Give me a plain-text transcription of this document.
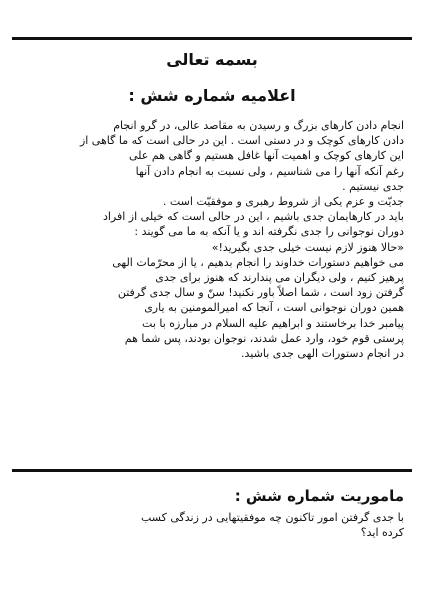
بسمه تعالی
اعلامیه شماره شش :
انجام دادن کارهای بزرگ و رسیدن به مقاصد عالی، در گرو انجام
دادن کارهای کوچک و در دستی است . این در حالی است که ما گاهی از
این کارهای کوچک و اهمیت آنها غافل هستیم و گاهی هم علی
رغم آنکه آنها را می شناسیم ، ولی نسبت به انجام دادن آنها
جدی نیستیم .
جدیّت و عزم یکی از شروط رهبری و موفقیّت است .
باید در کارهایمان جدی باشیم ، این در حالی است که خیلی از افراد
دوران نوجوانی را جدی نگرفته اند و یا آنکه به ما می گویند :
«حالا هنوز لازم نیست خیلی جدی بگیرید!»
می خواهیم دستورات خداوند را انجام بدهیم ، یا از محرّمات الهی
پرهیز کنیم ، ولی دیگران می پندارند که هنوز برای جدی
گرفتن زود است ، شما اصلاً باور نکنید! سنّ و سال جدی گرفتن
همین دوران نوجوانی است ، آنجا که امیرالمومنین به یاری
پیامبر خدا برخاستند و ابراهیم علیه السلام در مبارزه با بت
پرستی قوم خود، وارد عمل شدند، نوجوان بودند، پس شما هم
در انجام دستورات الهی جدی باشید.
ماموریت شماره شش :
با جدی گرفتن امور تاکنون چه موفقیتهایی در زندگی کسب
کرده اید؟
